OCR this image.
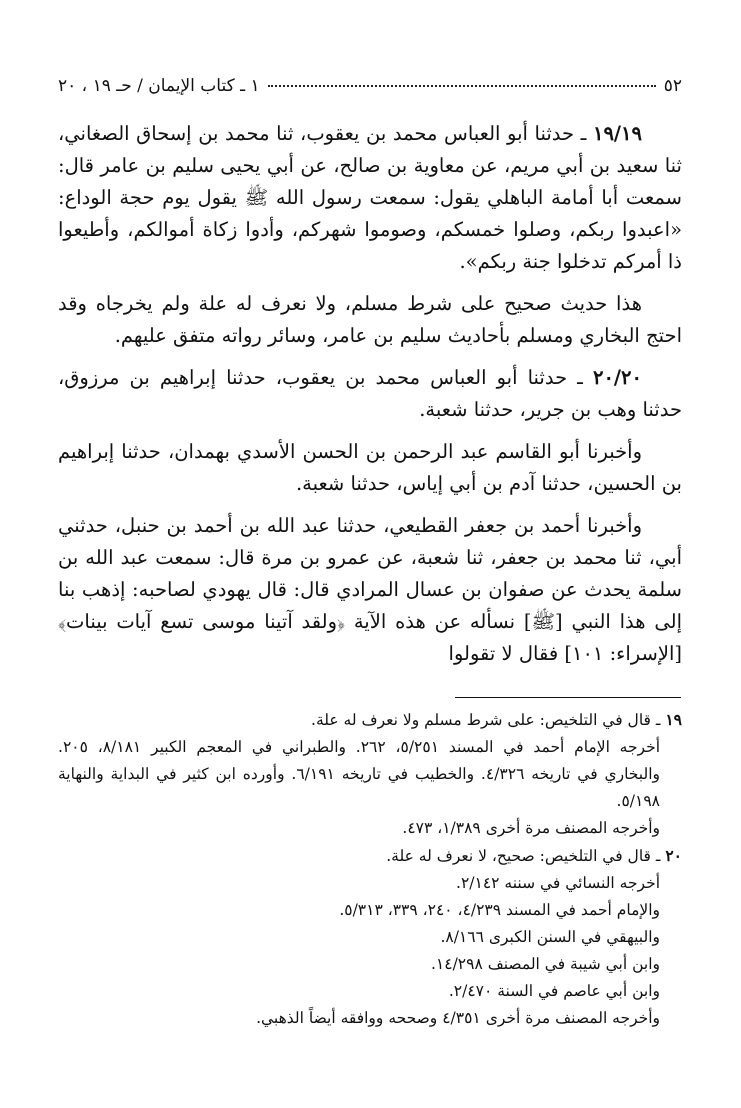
٥٢
١ ـ كتاب الإيمان / حـ ١٩ ، ٢٠

١٩/١٩ ـ حدثنا أبو العباس محمد بن يعقوب، ثنا محمد بن إسحاق الصغاني، ثنا سعيد بن أبي مريم، عن معاوية بن صالح، عن أبي يحيى سليم بن عامر قال: سمعت أبا أمامة الباهلي يقول: سمعت رسول الله ﷺ يقول يوم حجة الوداع: «اعبدوا ربكم، وصلوا خمسكم، وصوموا شهركم، وأدوا زكاة أموالكم، وأطيعوا ذا أمركم تدخلوا جنة ربكم».

هذا حديث صحيح على شرط مسلم، ولا نعرف له علة ولم يخرجاه وقد احتج البخاري ومسلم بأحاديث سليم بن عامر، وسائر رواته متفق عليهم.

٢٠/٢٠ ـ حدثنا أبو العباس محمد بن يعقوب، حدثنا إبراهيم بن مرزوق، حدثنا وهب بن جرير، حدثنا شعبة.

وأخبرنا أبو القاسم عبد الرحمن بن الحسن الأسدي بهمدان، حدثنا إبراهيم بن الحسين، حدثنا آدم بن أبي إياس، حدثنا شعبة.

وأخبرنا أحمد بن جعفر القطيعي، حدثنا عبد الله بن أحمد بن حنبل، حدثني أبي، ثنا محمد بن جعفر، ثنا شعبة، عن عمرو بن مرة قال: سمعت عبد الله بن سلمة يحدث عن صفوان بن عسال المرادي قال: قال يهودي لصاحبه: إذهب بنا إلى هذا النبي [ﷺ] نسأله عن هذه الآية ﴿ولقد آتينا موسى تسع آيات بينات﴾ [الإسراء: ١٠١] فقال لا تقولوا

١٩ ـ قال في التلخيص: على شرط مسلم ولا نعرف له علة.
أخرجه الإمام أحمد في المسند ٥/٢٥١، ٢٦٢. والطبراني في المعجم الكبير ٨/١٨١، ٢٠٥. والبخاري في تاريخه ٤/٣٢٦. والخطيب في تاريخه ٦/١٩١. وأورده ابن كثير في البداية والنهاية ٥/١٩٨.
وأخرجه المصنف مرة أخرى ١/٣٨٩، ٤٧٣.
٢٠ ـ قال في التلخيص: صحيح، لا نعرف له علة.
أخرجه النسائي في سننه ٢/١٤٢.
والإمام أحمد في المسند ٤/٢٣٩، ٢٤٠، ٣٣٩، ٥/٣١٣.
والبيهقي في السنن الكبرى ٨/١٦٦.
وابن أبي شيبة في المصنف ١٤/٢٩٨.
وابن أبي عاصم في السنة ٢/٤٧٠.
وأخرجه المصنف مرة أخرى ٤/٣٥١ وصححه ووافقه أيضاً الذهبي.
